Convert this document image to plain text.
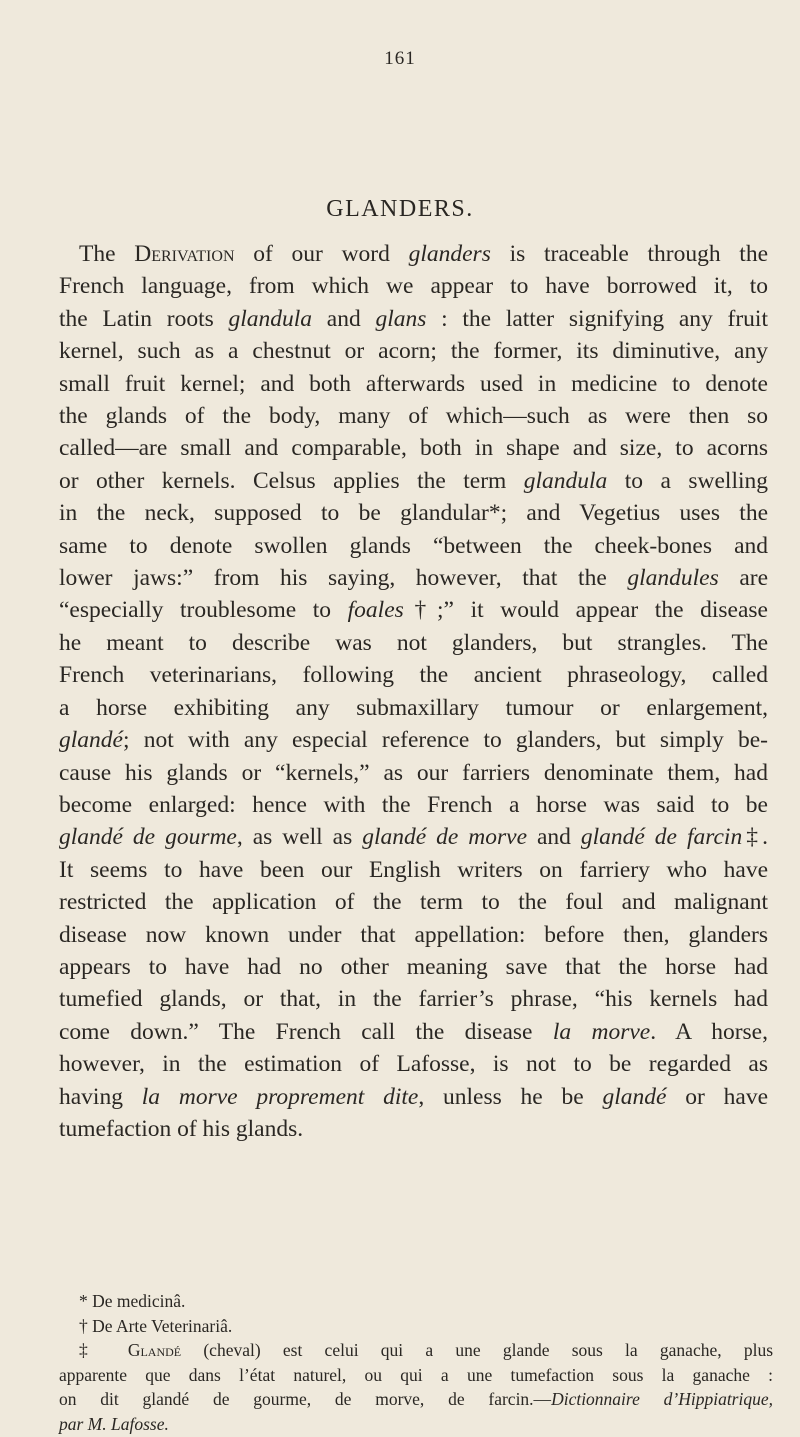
161
GLANDERS.
The Derivation of our word glanders is traceable through the
French language, from which we appear to have borrowed it, to
the Latin roots glandula and glans : the latter signifying any fruit
kernel, such as a chestnut or acorn; the former, its diminutive, any
small fruit kernel; and both afterwards used in medicine to denote
the glands of the body, many of which—such as were then so
called—are small and comparable, both in shape and size, to acorns
or other kernels. Celsus applies the term glandula to a swelling
in the neck, supposed to be glandular*; and Vegetius uses the
same to denote swollen glands “between the cheek-bones and
lower jaws:” from his saying, however, that the glandules are
“especially troublesome to foales†;” it would appear the disease
he meant to describe was not glanders, but strangles. The
French veterinarians, following the ancient phraseology, called
a horse exhibiting any submaxillary tumour or enlargement,
glandé; not with any especial reference to glanders, but simply be-
cause his glands or “kernels,” as our farriers denominate them, had
become enlarged: hence with the French a horse was said to be
glandé de gourme, as well as glandé de morve and glandé de farcin‡.
It seems to have been our English writers on farriery who have
restricted the application of the term to the foul and malignant
disease now known under that appellation: before then, glanders
appears to have had no other meaning save that the horse had
tumefied glands, or that, in the farrier’s phrase, “his kernels had
come down.” The French call the disease la morve. A horse,
however, in the estimation of Lafosse, is not to be regarded as
having la morve proprement dite, unless he be glandé or have
tumefaction of his glands.
* De medicinâ.
† De Arte Veterinariâ.
‡ Glandé (cheval) est celui qui a une glande sous la ganache, plus
apparente que dans l’état naturel, ou qui a une tumefaction sous la ganache :
on dit glandé de gourme, de morve, de farcin.—Dictionnaire d’Hippiatrique,
par M. Lafosse.
